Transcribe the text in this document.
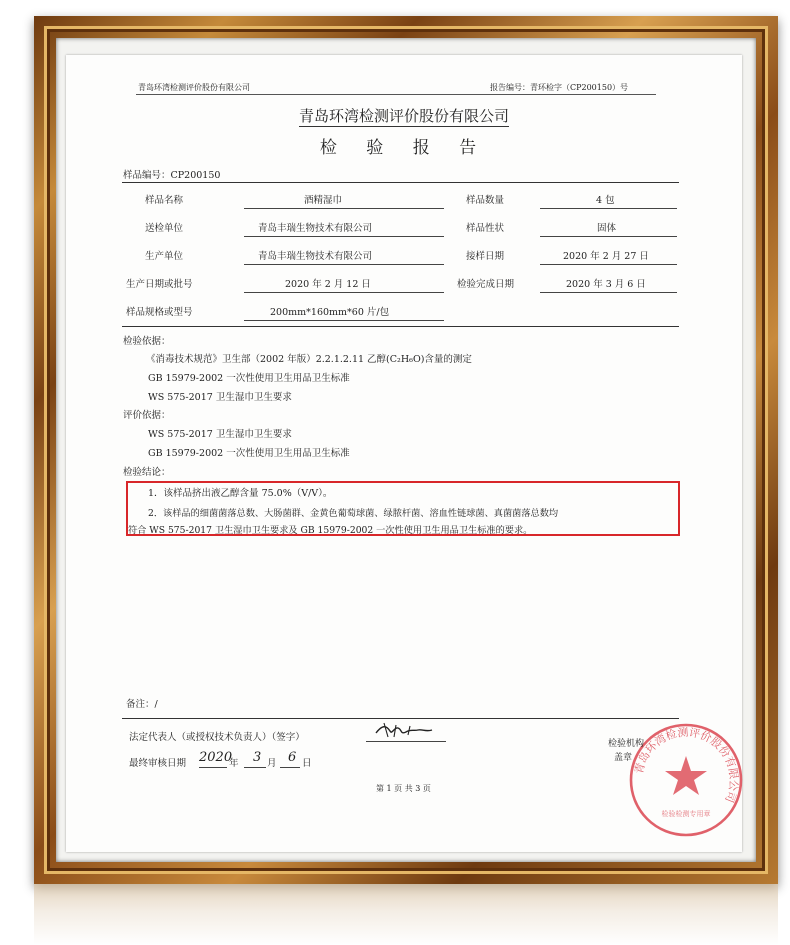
青岛环湾检测评价股份有限公司	报告编号：青环检字（CP200150）号
青岛环湾检测评价股份有限公司
检 验 报 告
样品编号：CP200150
样品名称	酒精湿巾	样品数量	4 包
送检单位	青岛丰瑞生物技术有限公司	样品性状	固体
生产单位	青岛丰瑞生物技术有限公司	接样日期	2020 年 2 月 27 日
生产日期或批号	2020 年 2 月 12 日	检验完成日期	2020 年 3 月 6 日
样品规格或型号	200mm*160mm*60 片/包
检验依据：
《消毒技术规范》卫生部（2002 年版）2.2.1.2.11 乙醇(C₂H₆O)含量的测定
GB 15979-2002 一次性使用卫生用品卫生标准
WS 575-2017 卫生湿巾卫生要求
评价依据：
WS 575-2017 卫生湿巾卫生要求
GB 15979-2002 一次性使用卫生用品卫生标准
检验结论：
1．该样品挤出液乙醇含量 75.0%（V/V）。
2．该样品的细菌菌落总数、大肠菌群、金黄色葡萄球菌、绿脓杆菌、溶血性链球菌、真菌菌落总数均
符合 WS 575-2017 卫生湿巾卫生要求及 GB 15979-2002 一次性使用卫生用品卫生标准的要求。
备注：/
法定代表人（或授权技术负责人）（签字）
最终审核日期 2020
年 3 月 6 日
第 1 页 共 3 页
青岛环湾检测评价股份有限公司
检验检测专用章
检验机构
盖章
